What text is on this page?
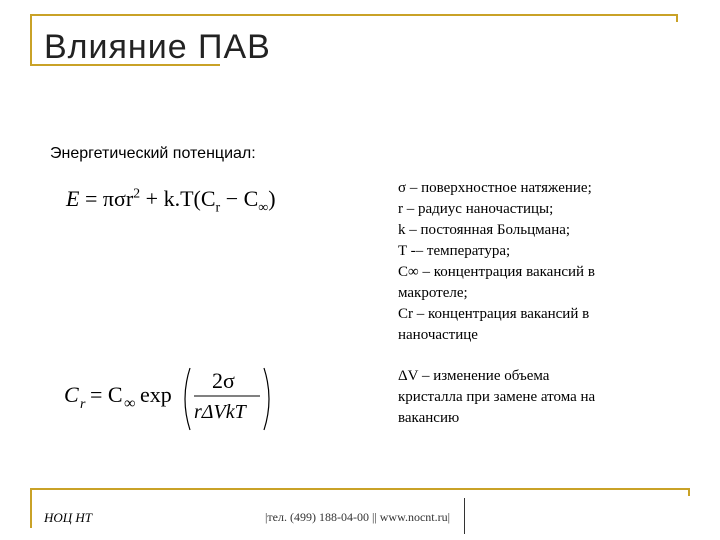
Влияние ПАВ
Энергетический потенциал:
$E = \pi\sigma r^2 + k.T(C_r - C_\infty)$
C r = C ∞ exp
2σ
rΔVkT
σ – поверхностное натяжение;
r – радиус наночастицы;
k – постоянная Больцмана;
T -– температура;
C∞ – концентрация вакансий в
макротеле;
Cr – концентрация вакансий в
наночастице
ΔV – изменение объема
кристалла при замене атома на
вакансию
НОЦ НТ	|тел. (499) 188-04-00 || www.nocnt.ru|
